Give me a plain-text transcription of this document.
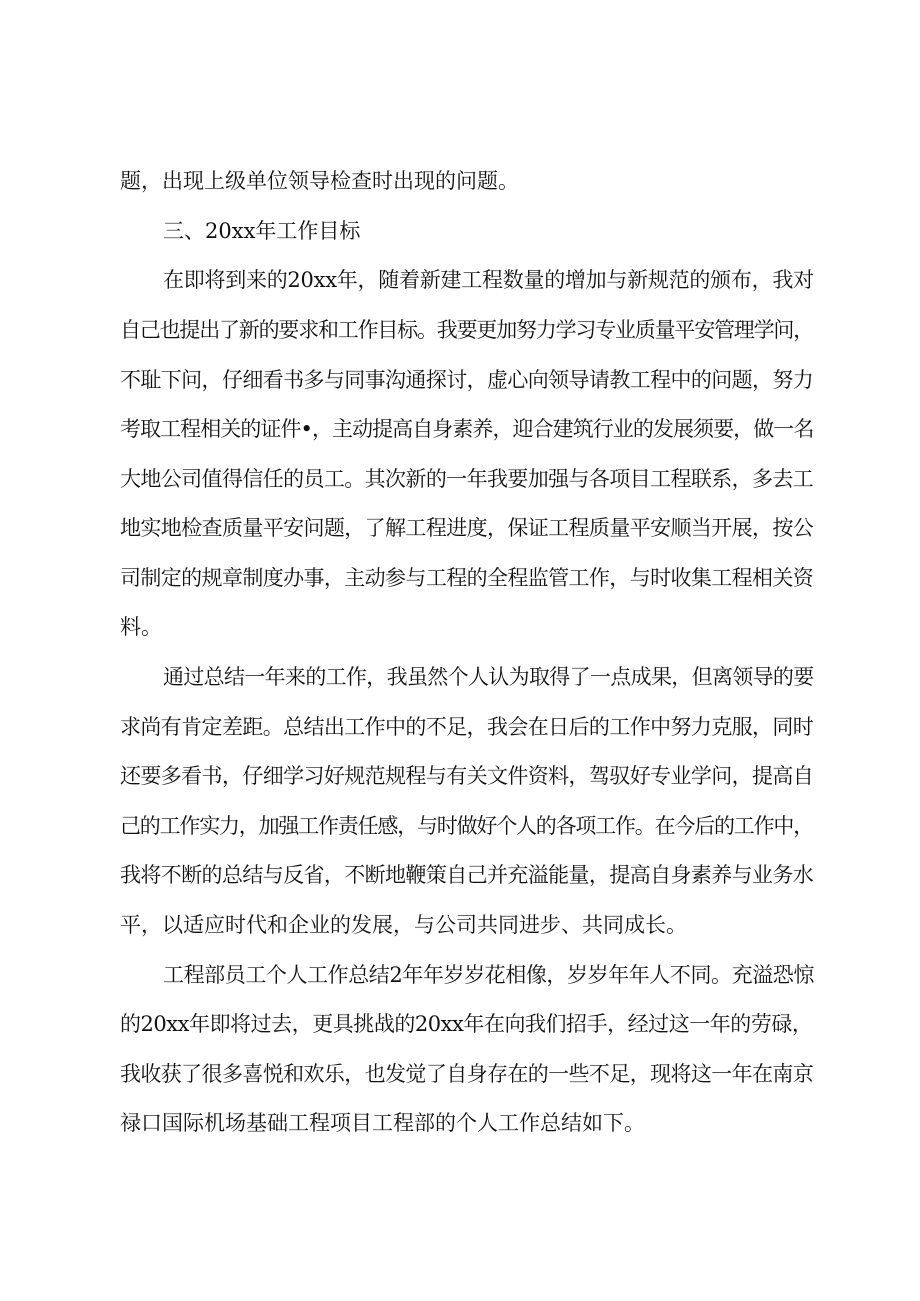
题，出现上级单位领导检查时出现的问题。
三、20xx年工作目标
在即将到来的20xx年，随着新建工程数量的增加与新规范的颁布，我对
自己也提出了新的要求和工作目标。我要更加努力学习专业质量平安管理学问，
不耻下问，仔细看书多与同事沟通探讨，虚心向领导请教工程中的问题，努力
考取工程相关的证件•，主动提高自身素养，迎合建筑行业的发展须要，做一名
大地公司值得信任的员工。其次新的一年我要加强与各项目工程联系，多去工
地实地检查质量平安问题，了解工程进度，保证工程质量平安顺当开展，按公
司制定的规章制度办事，主动参与工程的全程监管工作，与时收集工程相关资
料。
通过总结一年来的工作，我虽然个人认为取得了一点成果，但离领导的要
求尚有肯定差距。总结出工作中的不足，我会在日后的工作中努力克服，同时
还要多看书，仔细学习好规范规程与有关文件资料，驾驭好专业学问，提高自
己的工作实力，加强工作责任感，与时做好个人的各项工作。在今后的工作中，
我将不断的总结与反省，不断地鞭策自己并充溢能量，提高自身素养与业务水
平，以适应时代和企业的发展，与公司共同进步、共同成长。
工程部员工个人工作总结2年年岁岁花相像，岁岁年年人不同。充溢恐惊
的20xx年即将过去，更具挑战的20xx年在向我们招手，经过这一年的劳碌，
我收获了很多喜悦和欢乐，也发觉了自身存在的一些不足，现将这一年在南京
禄口国际机场基础工程项目工程部的个人工作总结如下。
